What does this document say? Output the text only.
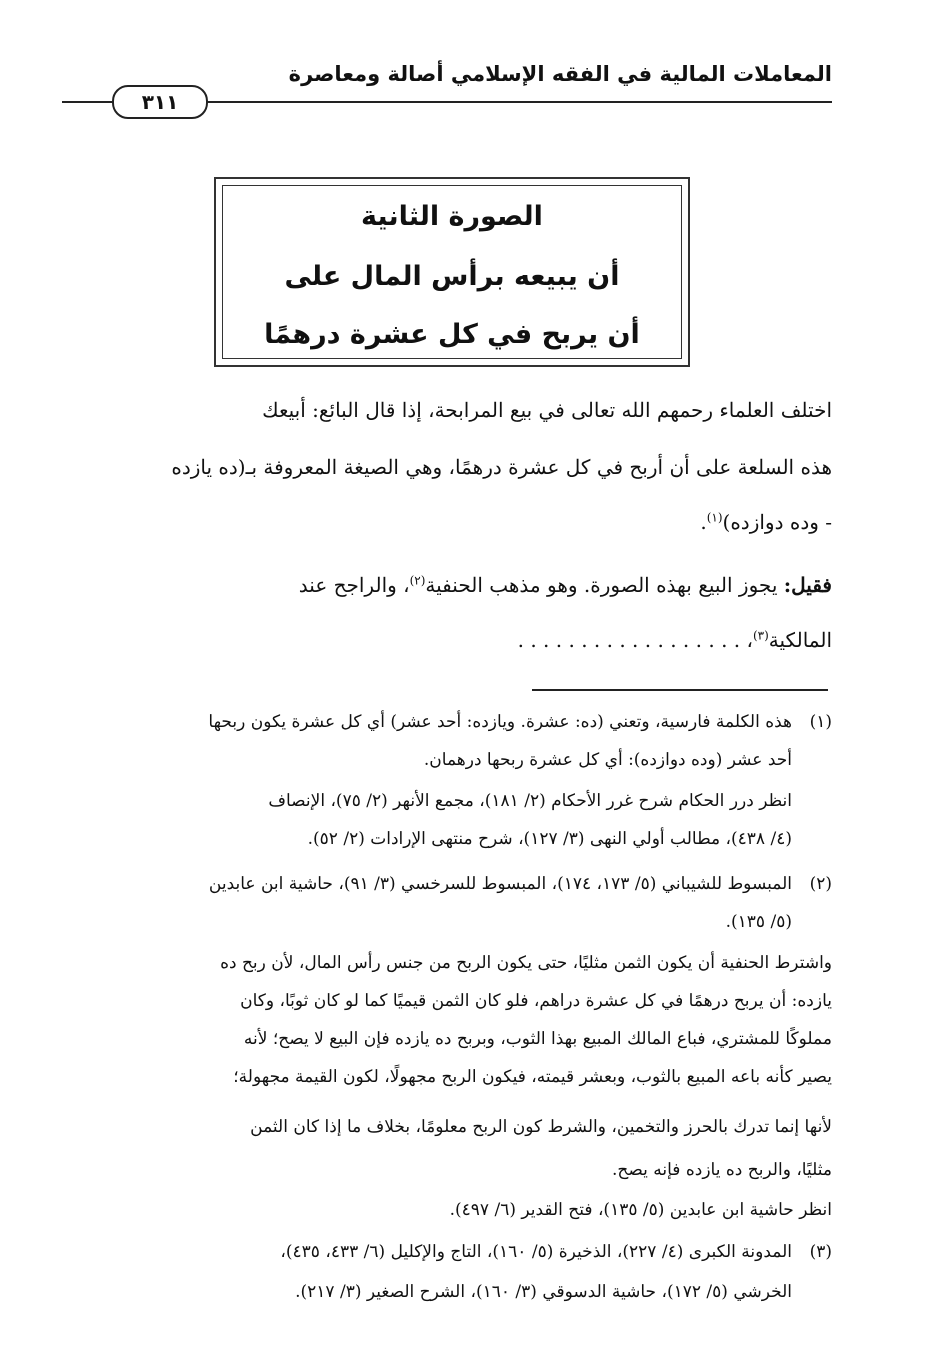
المعاملات المالية في الفقه الإسلامي أصالة ومعاصرة
٣١١
الصورة الثانية
أن يبيعه برأس المال على
أن يربح في كل عشرة درهمًا
اختلف العلماء رحمهم الله تعالى في بيع المرابحة، إذا قال البائع: أبيعك
هذه السلعة على أن أربح في كل عشرة درهمًا، وهي الصيغة المعروفة بـ(ده يازده
- وده دوازده)$^{(١)}$.
فقيل: يجوز البيع بهذه الصورة. وهو مذهب الحنفية$^{(٢)}$، والراجح عند
المالكية$^{(٣)}$، . . . . . . . . . . . . . . . . . .
(١)
هذه الكلمة فارسية، وتعني (ده: عشرة. ويازده: أحد عشر) أي كل عشرة يكون ربحها
أحد عشر (وده دوازده): أي كل عشرة ربحها درهمان.
انظر درر الحكام شرح غرر الأحكام (٢/ ١٨١)، مجمع الأنهر (٢/ ٧٥)، الإنصاف
(٤/ ٤٣٨)، مطالب أولي النهى (٣/ ١٢٧)، شرح منتهى الإرادات (٢/ ٥٢).
(٢)
المبسوط للشيباني (٥/ ١٧٣، ١٧٤)، المبسوط للسرخسي (٣/ ٩١)، حاشية ابن عابدين
(٥/ ١٣٥).
واشترط الحنفية أن يكون الثمن مثليًا، حتى يكون الربح من جنس رأس المال، لأن ربح ده
يازده: أن يربح درهمًا في كل عشرة دراهم، فلو كان الثمن قيميًا كما لو كان ثوبًا، وكان
مملوكًا للمشتري، فباع المالك المبيع بهذا الثوب، وبربح ده يازده فإن البيع لا يصح؛ لأنه
يصير كأنه باعه المبيع بالثوب، وبعشر قيمته، فيكون الربح مجهولًا، لكون القيمة مجهولة؛
لأنها إنما تدرك بالحرز والتخمين، والشرط كون الربح معلومًا، بخلاف ما إذا كان الثمن
مثليًا، والربح ده يازده فإنه يصح.
انظر حاشية ابن عابدين (٥/ ١٣٥)، فتح القدير (٦/ ٤٩٧).
(٣)
المدونة الكبرى (٤/ ٢٢٧)، الذخيرة (٥/ ١٦٠)، التاج والإكليل (٦/ ٤٣٣، ٤٣٥)،
الخرشي (٥/ ١٧٢)، حاشية الدسوقي (٣/ ١٦٠)، الشرح الصغير (٣/ ٢١٧).
